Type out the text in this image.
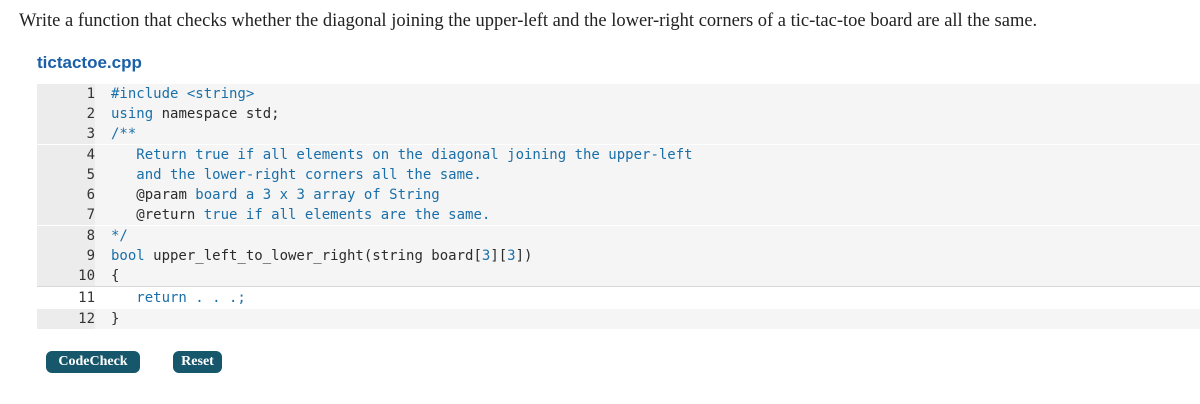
Write a function that checks whether the diagonal joining the upper-left and the lower-right corners of a tic-tac-toe board are all the same.
tictactoe.cpp
1 #include <string>
2 using namespace std;
3 /**
4 Return true if all elements on the diagonal joining the upper-left
5 and the lower-right corners all the same.
6	@param board a 3 x 3 array of String
7	@return true if all elements are the same.
8 */
9 bool upper_left_to_lower_right(string board[3][3])
10 {
11 return . . .;
12 }
CodeCheck	Reset
